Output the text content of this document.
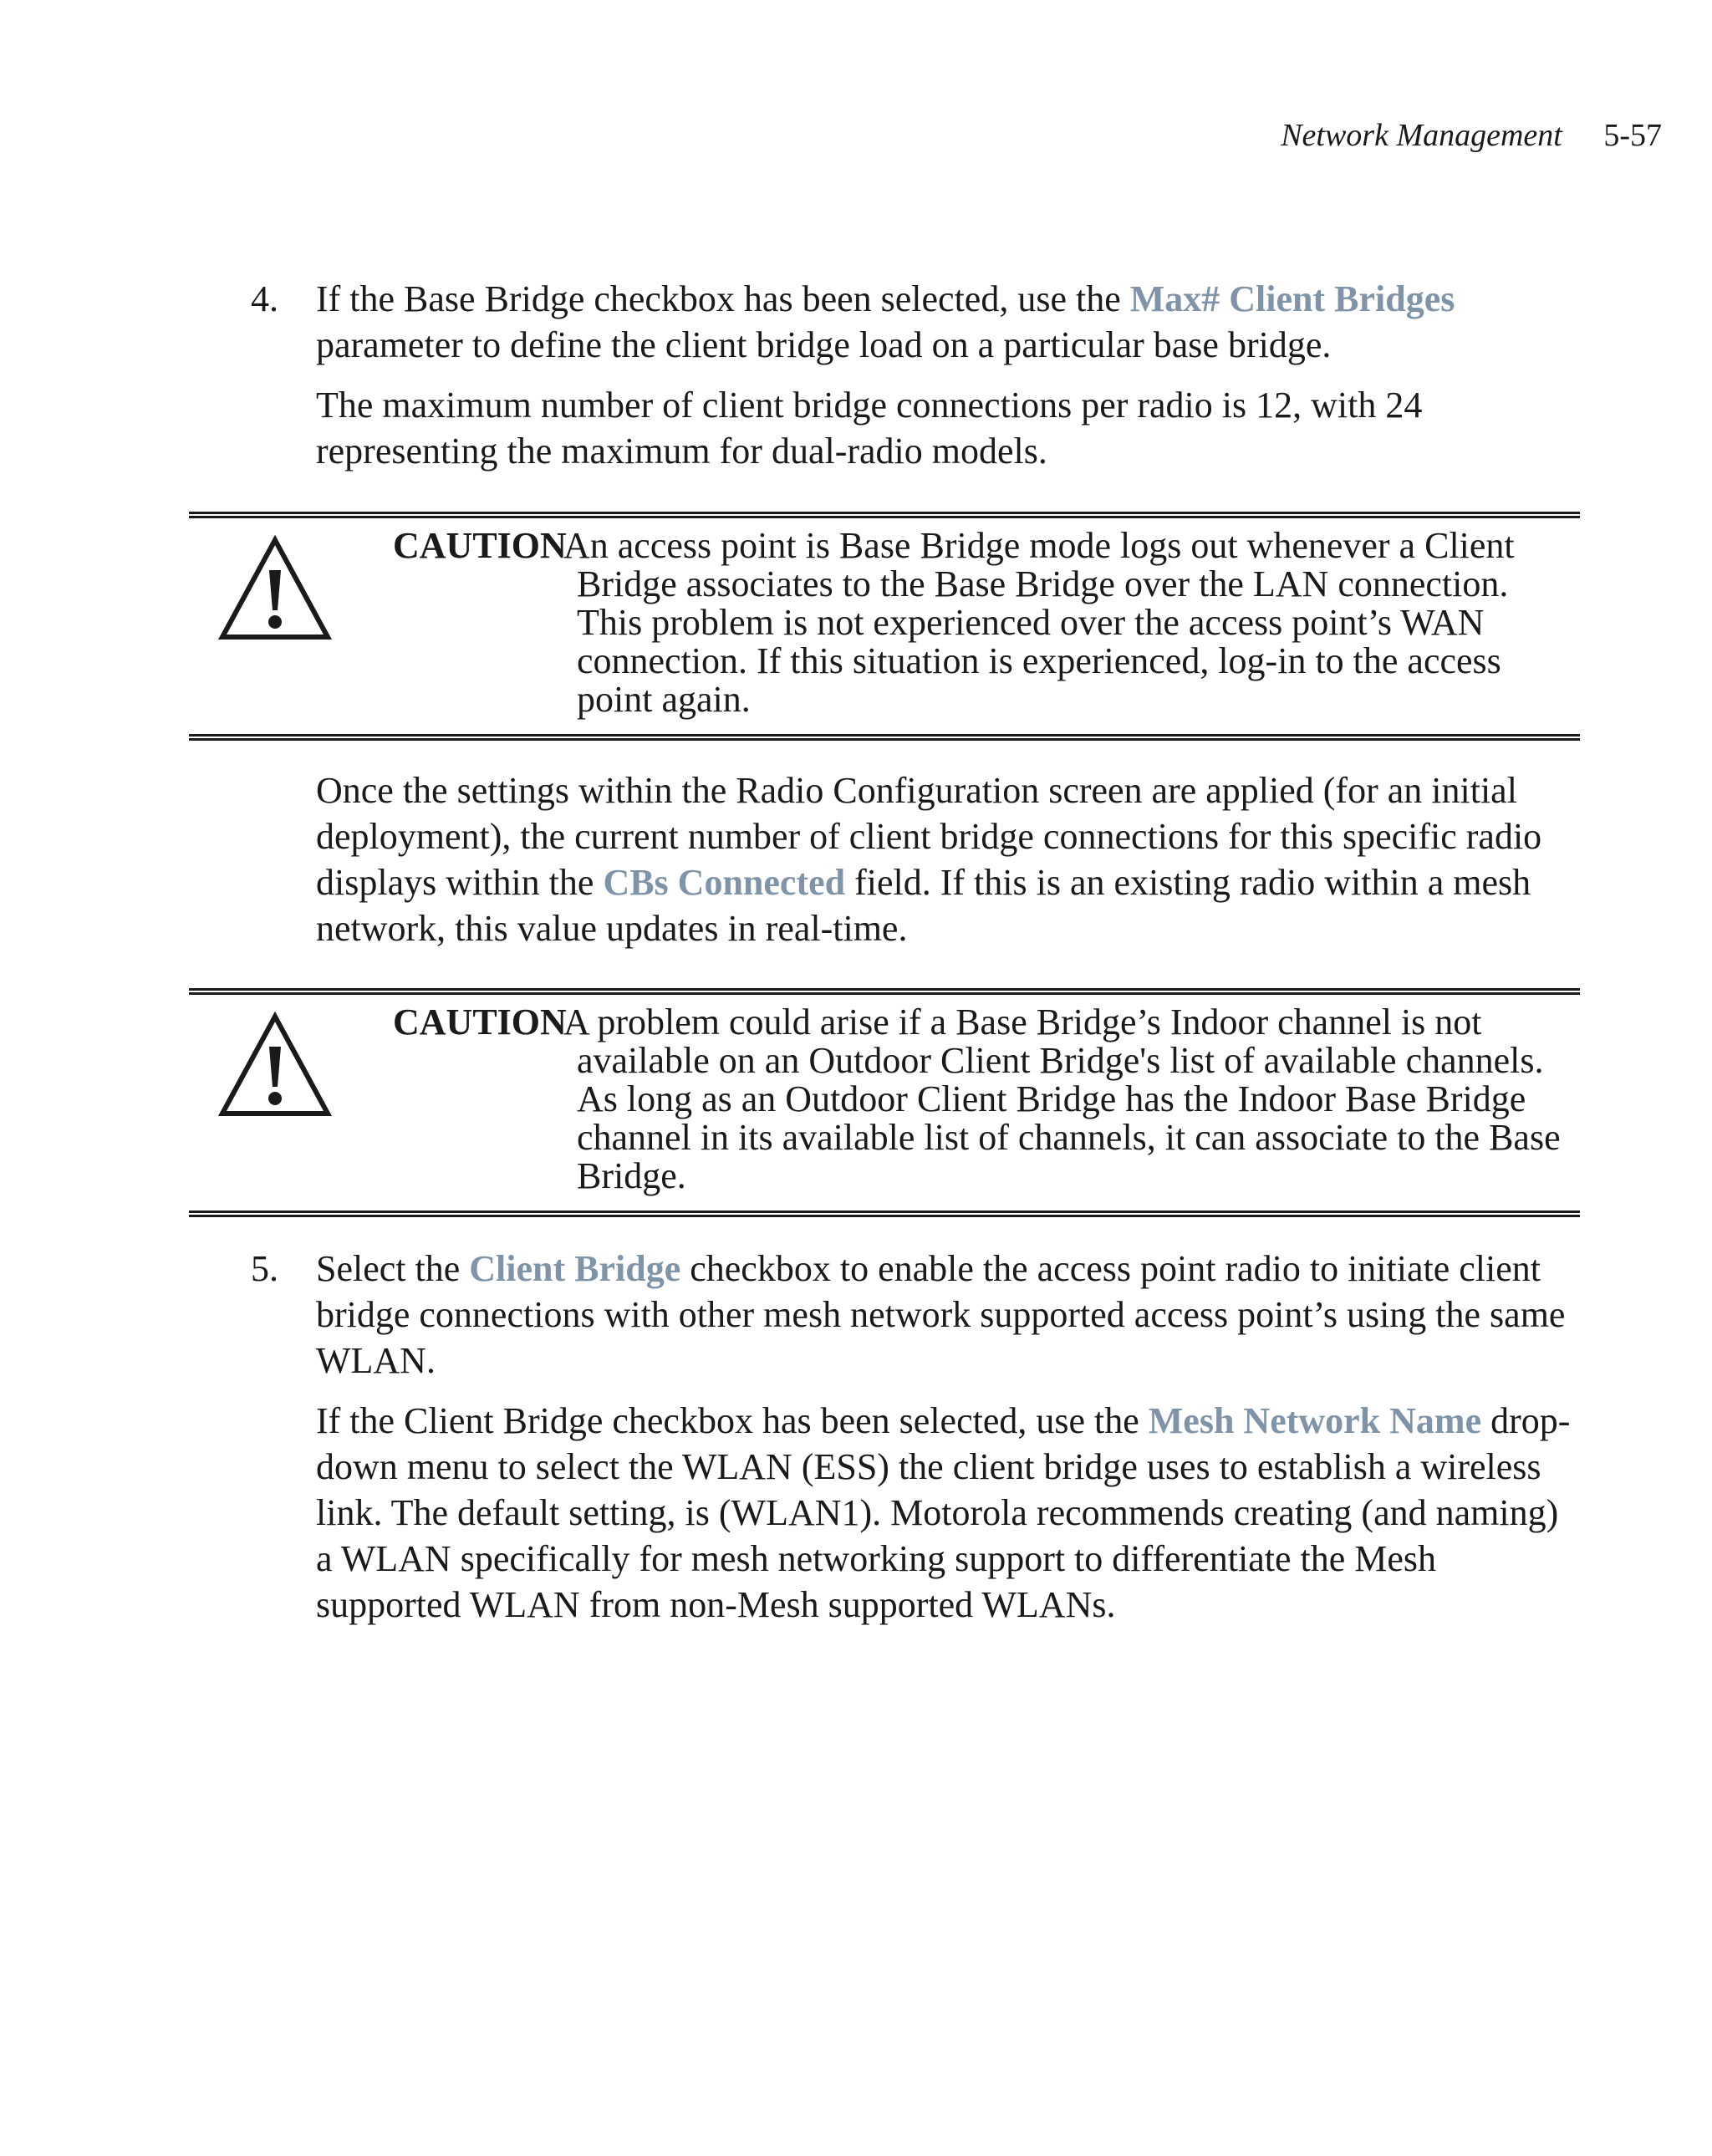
Network Management 5-57
4. If the Base Bridge checkbox has been selected, use the Max# Client Bridges parameter to define the client bridge load on a particular base bridge.

The maximum number of client bridge connections per radio is 12, with 24 representing the maximum for dual-radio models.

CAUTION

An access point is Base Bridge mode logs out whenever a Client Bridge associates to the Base Bridge over the LAN connection. This problem is not experienced over the access point’s WAN connection. If this situation is experienced, log-in to the access point again.

Once the settings within the Radio Configuration screen are applied (for an initial deployment), the current number of client bridge connections for this specific radio displays within the CBs Connected field. If this is an existing radio within a mesh network, this value updates in real-time.

CAUTION

A problem could arise if a Base Bridge’s Indoor channel is not available on an Outdoor Client Bridge's list of available channels. As long as an Outdoor Client Bridge has the Indoor Base Bridge channel in its available list of channels, it can associate to the Base Bridge.

5. Select the Client Bridge checkbox to enable the access point radio to initiate client bridge connections with other mesh network supported access point’s using the same WLAN.

If the Client Bridge checkbox has been selected, use the Mesh Network Name drop-down menu to select the WLAN (ESS) the client bridge uses to establish a wireless link. The default setting, is (WLAN1). Motorola recommends creating (and naming) a WLAN specifically for mesh networking support to differentiate the Mesh supported WLAN from non-Mesh supported WLANs.
